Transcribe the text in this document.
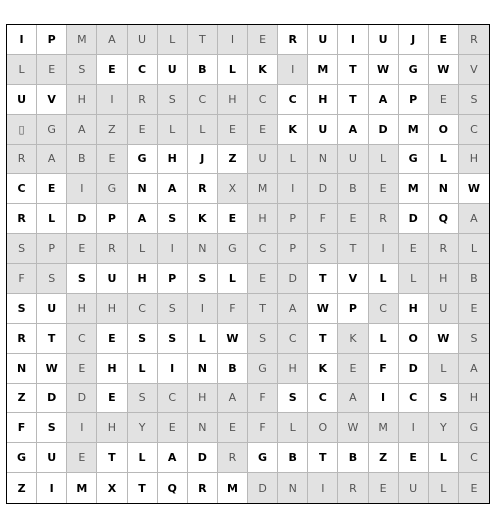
I	P	M	A	U	L	T	I	E	R	U	I	U	J	E	R
L	E	S	E	C	U	B	L	K	I	M	T	W	G	W	V
U	V	H	I	R	S	C	H	C	C	H	T	A	P	E	S
▯	G	A	Z	E	L	L	E	E	K	U	A	D	M	O	C
R	A	B	E	G	H	J	Z	U	L	N	U	L	G	L	H
C	E	I	G	N	A	R	X	M	I	D	B	E	M	N	W
R	L	D	P	A	S	K	E	H	P	F	E	R	D	Q	A
S	P	E	R	L	I	N	G	C	P	S	T	I	E	R	L
F	S	S	U	H	P	S	L	E	D	T	V	L	L	H	B
S	U	H	H	C	S	I	F	T	A	W	P	C	H	U	E
R	T	C	E	S	S	L	W	S	C	T	K	L	O	W	S
N	W	E	H	L	I	N	B	G	H	K	E	F	D	L	A
Z	D	D	E	S	C	H	A	F	S	C	A	I	C	S	H
F	S	I	H	Y	E	N	E	F	L	O	W	M	I	Y	G
G	U	E	T	L	A	D	R	G	B	T	B	Z	E	L	C
Z	I	M	X	T	Q	R	M	D	N	I	R	E	U	L	E
